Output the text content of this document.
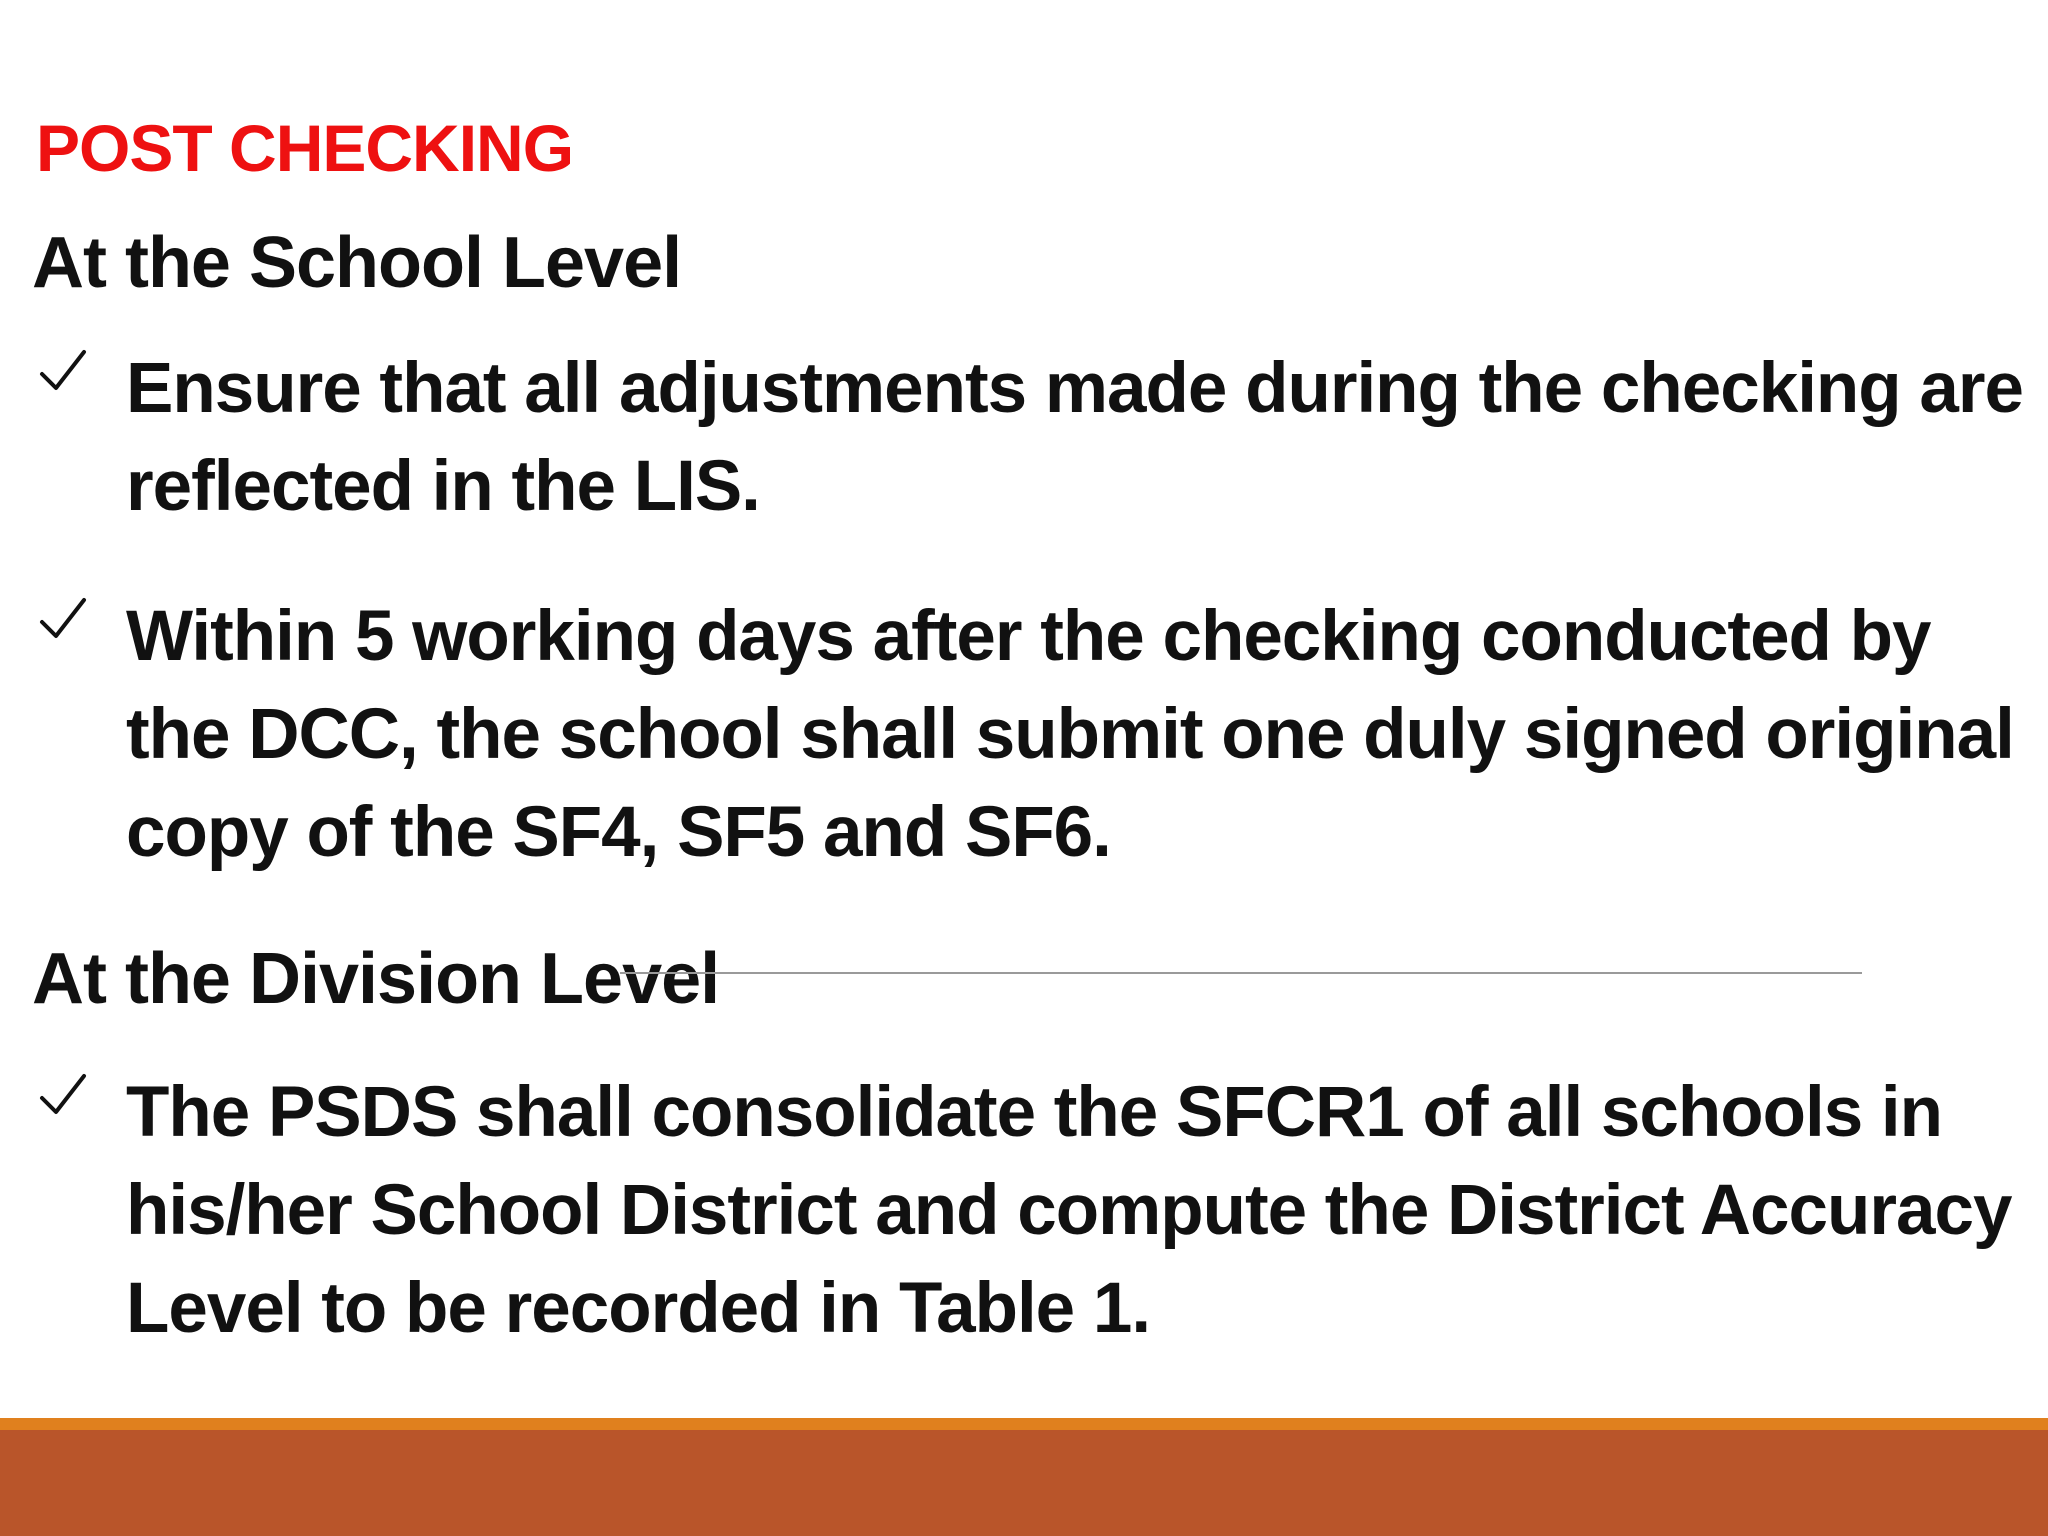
POST CHECKING
At the School Level
Ensure that all adjustments made during the checking are reflected in the LIS.
Within 5 working days after the checking conducted by the DCC, the school shall submit one duly signed original copy of the SF4, SF5 and SF6.
At the Division Level
The PSDS shall consolidate the SFCR1 of all schools in his/her School District and compute the District Accuracy Level to be recorded in Table 1.
